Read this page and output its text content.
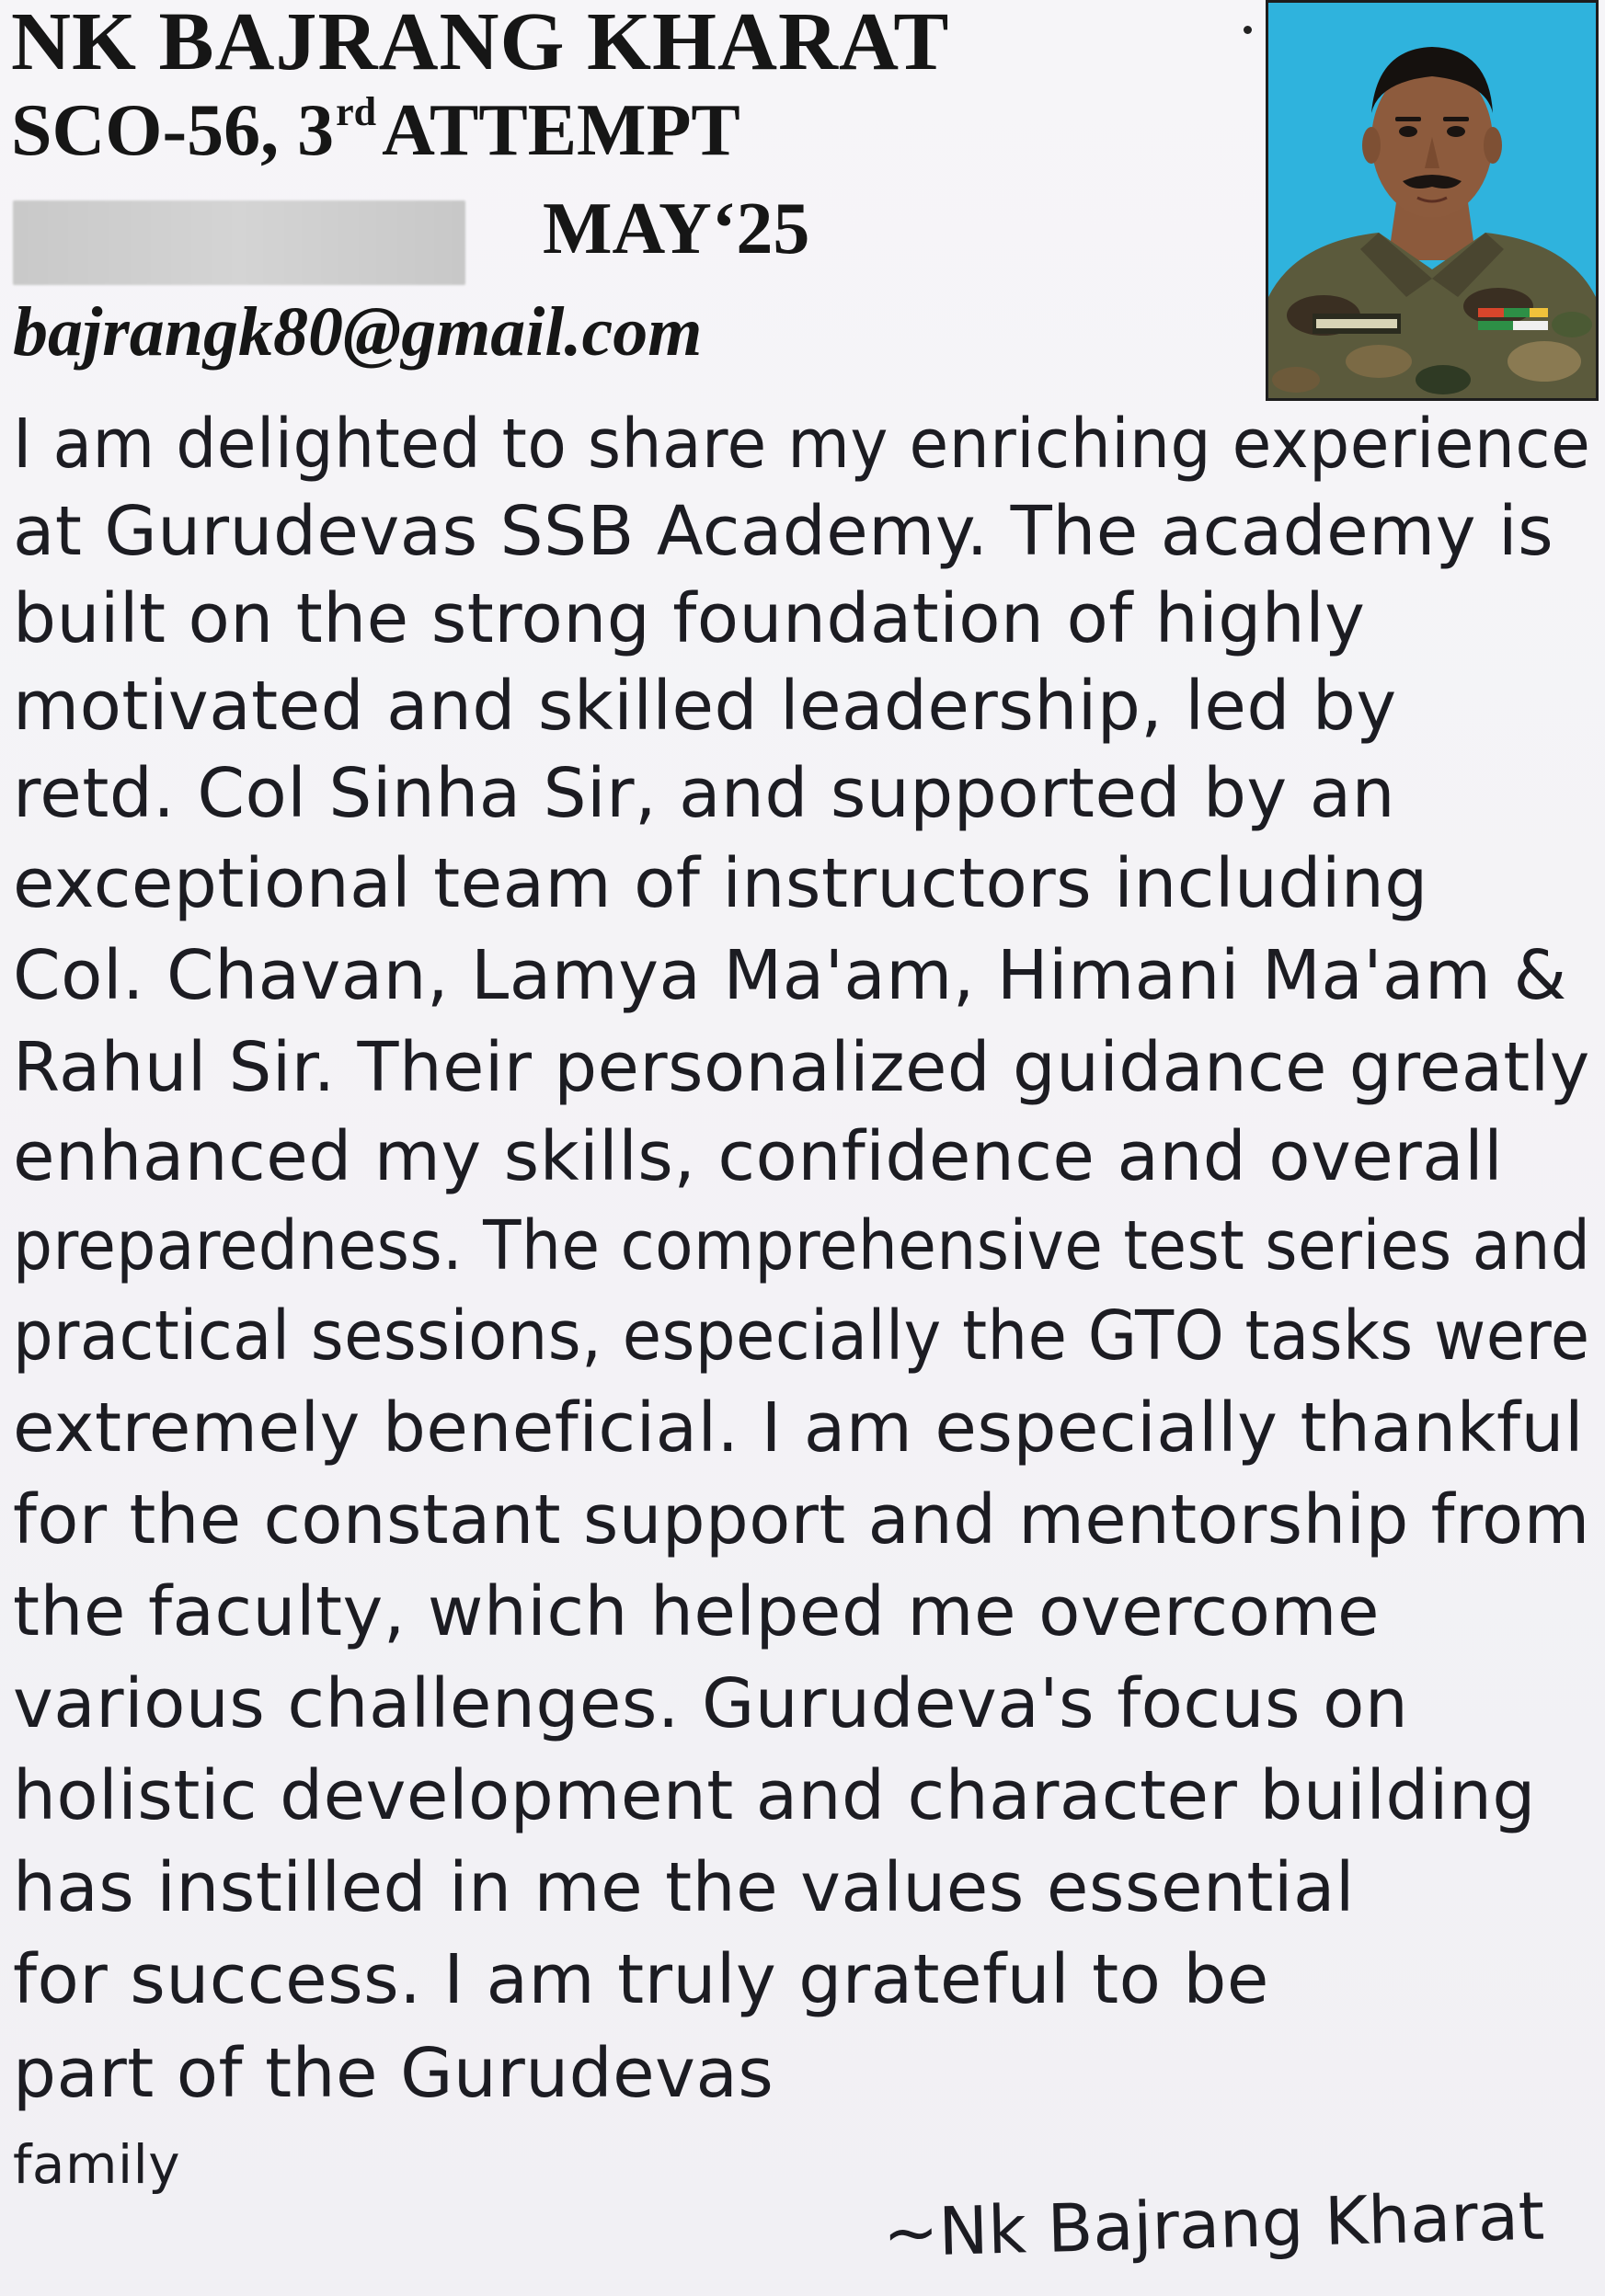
NK BAJRANG KHARAT
SCO-56, 3rdATTEMPT
MAY‘25
bajrangk80@gmail.com
I am delighted to share my enriching experience
at Gurudevas SSB Academy. The academy is
built on the strong foundation of highly
motivated and skilled leadership, led by
retd. Col Sinha Sir, and supported by an
exceptional team of instructors including
Col. Chavan, Lamya Ma'am, Himani Ma'am &
Rahul Sir. Their personalized guidance greatly
enhanced my skills, confidence and overall
preparedness. The comprehensive test series and
practical sessions, especially the GTO tasks were
extremely beneficial. I am especially thankful
for the constant support and mentorship from
the faculty, which helped me overcome
various challenges. Gurudeva's focus on
holistic development and character building
has instilled in me the values essential
for success. I am truly grateful to be
part of the Gurudevas
family
~Nk Bajrang Kharat
